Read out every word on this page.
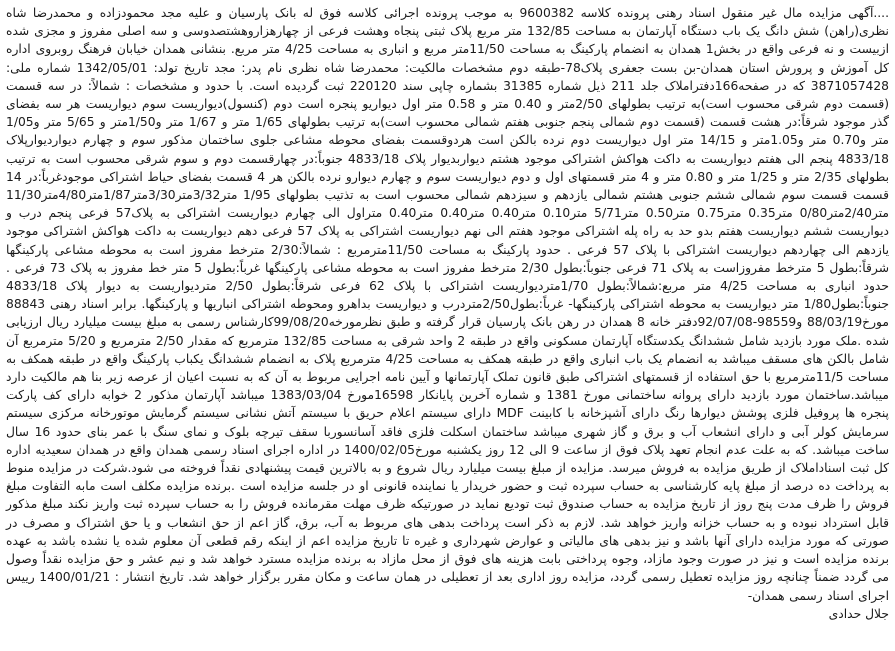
....آگهی مزایده مال غیر منقول اسناد رهنی پرونده کلاسه 9600382 به موجب پرونده اجرائی کلاسه فوق له بانک پارسیان و علیه مجد محمودزاده و محمدرضا شاه نظری(راهن) شش دانگ یک باب دستگاه آپارتمان به مساحت 132/85 متر مربع پلاک ثبتی پنجاه وهشت فرعی از چهارهزاروهشتصدوسی و سه اصلی مفروز و مجزی شده ازبیست و نه فرعی واقع در بخش1 همدان به انضمام پارکینگ به مساحت 11/50متر مربع و انباری به مساحت 4/25 متر مربع. بنشانی همدان خیابان فرهنگ روبروی اداره کل آموزش و پرورش استان همدان-بن بست جعفری پلاک78-طبقه دوم مشخصات مالکیت: محمدرضا شاه نظری نام پدر: مجد تاریخ تولد: 1342/05/01 شماره ملی: 3871057428 که در صفحه166دفتراملاک جلد 211 ذیل شماره 31385 بشماره چاپی سند 220120 ثبت گردیده است. با حدود و مشخصات : شمالاً: در سه قسمت (قسمت دوم شرقی محسوب است)به ترتیب بطولهای 2/50متر و 0.40 متر و 0.58 متر اول دیواریو پنجره است دوم (کنسول)دیواریست سوم دیواریست هر سه بفضای گذر موجود شرقاً:در هشت قسمت (قسمت دوم شمالی پنجم جنوبی هفتم شمالی محسوب است)به ترتیب بطولهای 1/65 متر و 1/67 متر و1/50متر و 5/65 متر و1/05 متر و0.70 متر و1.05متر و 14/15 متر اول دیواریست دوم نرده بالکن است هردوقسمت بفضای محوطه مشاعی جلوی ساختمان مذکور سوم و چهارم دیواردیوارپلاک 4833/18 پنجم الی هفتم دیواریست به داکت هواکش اشتراکی موجود هشتم دیواربدیوار پلاک 4833/18 جنوباً:در چهارقسمت دوم و سوم شرقی محسوب است به ترتیب بطولهای 2/35 متر و 1/25 متر و 0.80 متر و 4 متر قسمتهای اول و دوم دیواریست سوم و چهارم دیوارو نرده بالکن هر 4 قسمت بفضای حیاط اشتراکی موجودغرباً:در 14 قسمت قسمت سوم شمالی ششم جنوبی هشتم شمالی یازدهم و سیزدهم شمالی محسوب است به تذتیب بطولهای 1/95 متر3/32متر3/30متر1/87متر4/80متر11/30 متر2/40متر0/80 متر0.35 متر0.75 متر0.50 متر5/71 متر0.10 متر0.40 متر0.40 متر0.40 متراول الی چهارم دیواریست اشتراکی به پلاک57 فرعی پنجم درب و دیواریست ششم دیواریست هفتم بدو حد به راه پله اشتراکی موجود هفتم الی نهم دیواریست اشتراکی به پلاک 57 فرعی دهم دیواریست به داکت هواکش اشتراکی موجود یازدهم الی چهاردهم دیواریست اشتراکی با پلاک 57 فرعی . حدود پارکینگ به مساحت 11/50مترمربع : شمالاً:2/30 مترخط مفروز است به محوطه مشاعی پارکینگها شرقاً:بطول 5 مترخط مفروزاست به پلاک 71 فرعی جنوباً:بطول 2/30 مترخط مفروز است به محوطه مشاعی پارکینگها غرباً:بطول 5 متر خط مفروز به پلاک 73 فرعی . حدود انباری به مساحت 4/25 متر مربع:شمالاً:بطول 1/70متردیواریست اشتراکی با پلاک 62 فرعی شرقاً:بطول 2/50 متردیواریست به دیوار پلاک 4833/18 جنوباً:بطول1/80 متر دیواریست به محوطه اشتراکی پارکینگها- غرباً:بطول2/50متردرب و دیواریست بداهرو ومحوطه اشتراکی انباریها و پارکینگها. برابر اسناد رهنی 88843 مورخ88/03/19 و98559-92/07/08دفتر خانه 8 همدان در رهن بانک پارسیان قرار گرفته و طبق نظرمورخه99/08/20کارشناس رسمی به مبلغ بیست میلیارد ریال ارزیابی شده .ملک مورد بازدید شامل ششدانگ یکدستگاه آپارتمان مسکونی واقع در طبقه 2 واحد شرقی به مساحت 132/85 مترمربع که مقدار 2/50 مترمربع و 5/20 مترمربع آن شامل بالکن های مسقف میباشد به انضمام یک باب انباری واقع در طبقه همکف به مساحت 4/25 مترمربع پلاک به انضمام ششدانگ یکباب پارکینگ واقع در طبقه همکف به مساحت 11/5مترمربع با حق استفاده از قسمتهای اشتراکی طبق قانون تملک آپارتمانها و آیین نامه اجرایی مربوط به آن که به نسبت اعیان از عرصه زیر بنا هم مالکیت دارد میباشد.ساختمان مورد بازدید دارای پروانه ساختمانی مورخ 1381 و شماره آخرین پایانکار 16598مورخ 1383/03/04 میباشد آپارتمان مذکور 2 خوابه دارای کف پارکت پنجره ها پروفیل فلزی پوشش دیوارها رنگ دارای آشپزخانه با کابینت MDF دارای سیستم اعلام حریق با سیستم آتش نشانی سیستم گرمایش موتورخانه مرکزی سیستم سرمایش کولر آبی و دارای انشعاب آب و برق و گاز شهری میباشد ساختمان اسکلت فلزی فاقد آسانسوربا سقف تیرچه بلوک و نمای سنگ با عمر بنای حدود 16 سال ساخت میباشد. که به علت عدم انجام تعهد پلاک فوق از ساعت 9 الی 12 روز یکشنبه مورخ1400/02/05 در اداره اجرای اسناد رسمی همدان واقع در همدان سعیدیه اداره کل ثبت اسناداملاک از طریق مزایده به فروش میرسد. مزایده از مبلغ بیست میلیارد ریال شروع و به بالاترین قیمت پیشنهادی نقداً فروخته می شود.شرکت در مزایده منوط به پرداخت ده درصد از مبلغ پایه کارشناسی به حساب سپرده ثبت و حضور خریدار یا نماینده قانونی او در جلسه مزایده است .برنده مزایده مکلف است مابه التفاوت مبلغ فروش را ظرف مدت پنج روز از تاریخ مزایده به حساب صندوق ثبت تودیع نماید در صورتیکه ظرف مهلت مقرمانده فروش را به حساب سپرده ثبت واریز نکند مبلغ مذکور قابل استرداد نبوده و به حساب خزانه واریز خواهد شد. لازم به ذکر است پرداخت بدهی های مربوط به آب، برق، گاز اعم از حق انشعاب و یا حق اشتراک و مصرف در صورتی که مورد مزایده دارای آنها باشد و نیز بدهی های مالیاتی و عوارض شهرداری و غیره تا تاریخ مزایده اعم از اینکه رقم قطعی آن معلوم شده یا نشده باشد به عهده برنده مزایده است و نیز در صورت وجود مازاد، وجوه پرداختی بابت هزینه های فوق از محل مازاد به برنده مزایده مسترد خواهد شد و نیم عشر و حق مزایده نقداً وصول می گردد ضمناً چنانچه روز مزایده تعطیل رسمی گردد، مزایده روز اداری بعد از تعطیلی در همان ساعت و مکان مقرر برگزار خواهد شد. تاریخ انتشار : 1400/01/21 رییس اجرای اسناد رسمی همدان-

جلال حدادی
